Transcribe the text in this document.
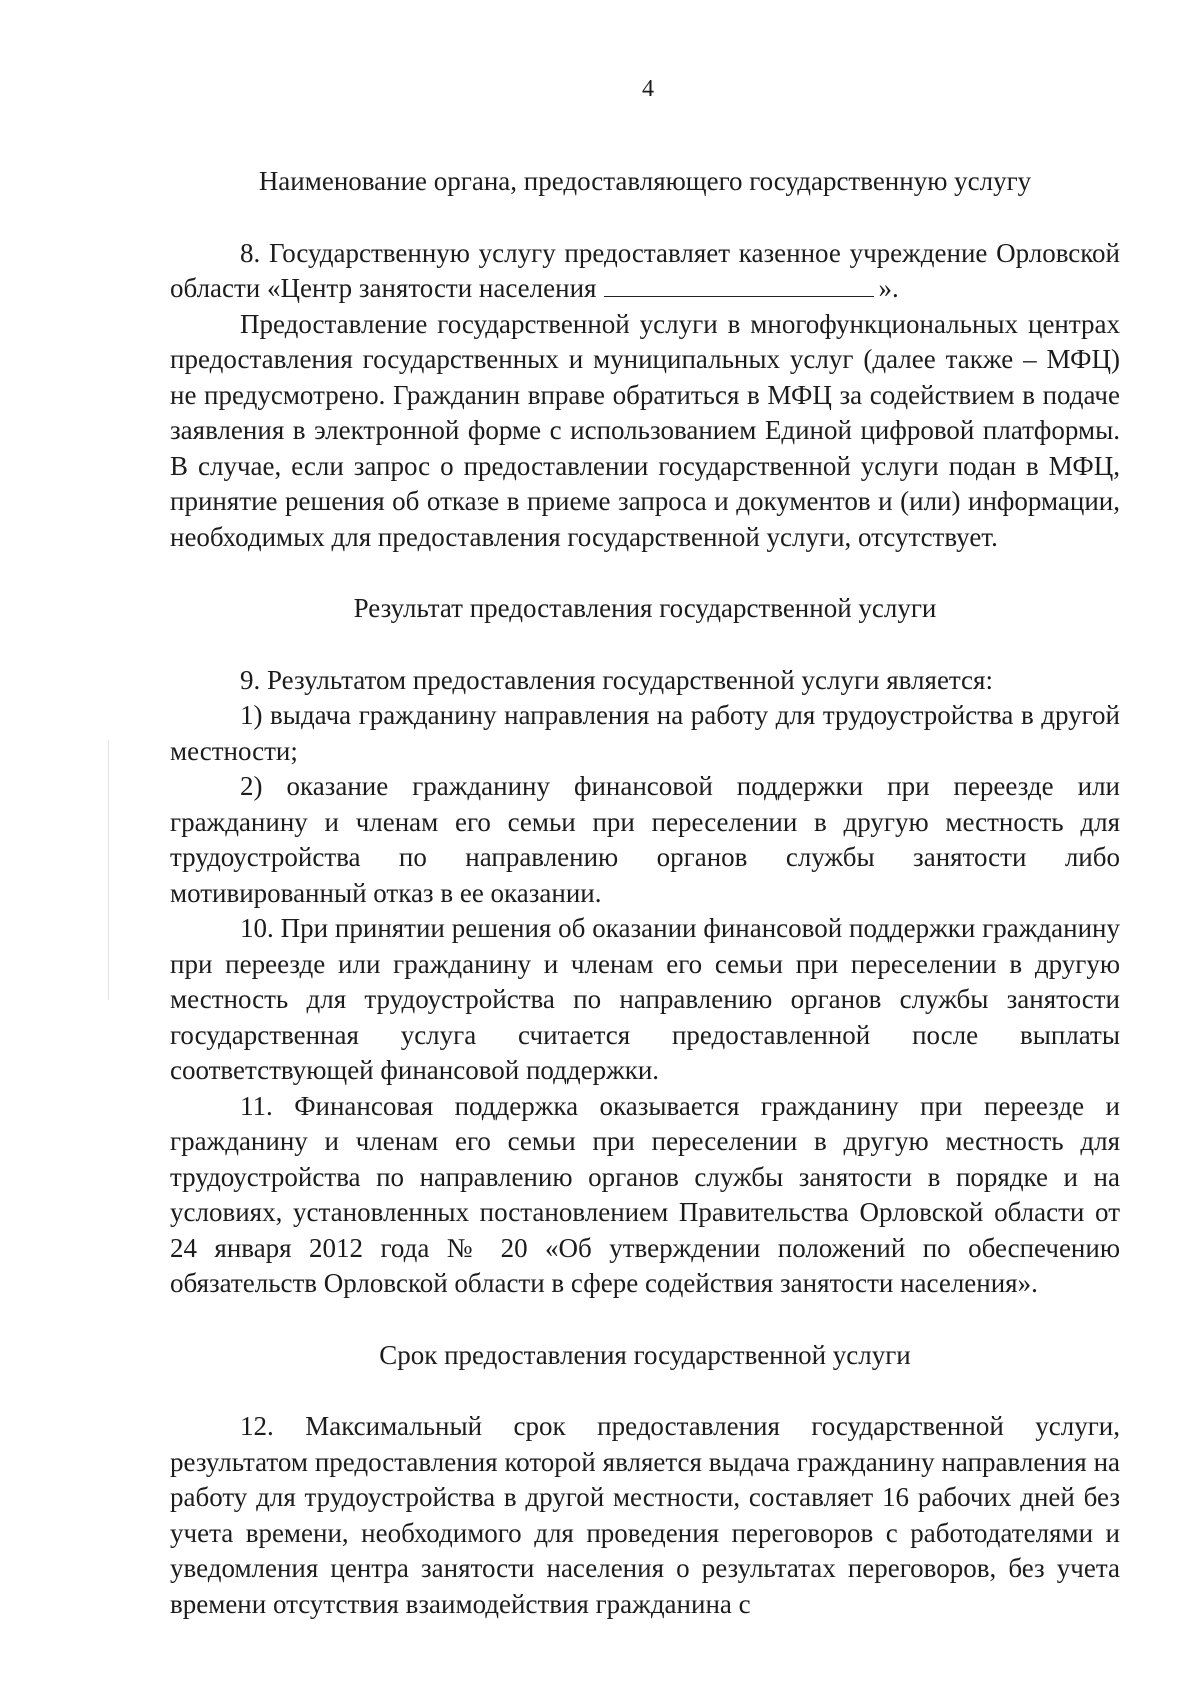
4

Наименование органа, предоставляющего государственную услугу

8. Государственную услугу предоставляет казенное учреждение Орловской области «Центр занятости населения	».

Предоставление государственной услуги в многофункциональных центрах предоставления государственных и муниципальных услуг (далее также – МФЦ) не предусмотрено. Гражданин вправе обратиться в МФЦ за содействием в подаче заявления в электронной форме с использованием Единой цифровой платформы. В случае, если запрос о предоставлении государственной услуги подан в МФЦ, принятие решения об отказе в приеме запроса и документов и (или) информации, необходимых для предоставления государственной услуги, отсутствует.

Результат предоставления государственной услуги

9. Результатом предоставления государственной услуги является:

1) выдача гражданину направления на работу для трудоустройства в другой местности;

2) оказание гражданину финансовой поддержки при переезде или гражданину и членам его семьи при переселении в другую местность для трудоустройства по направлению органов службы занятости либо мотивированный отказ в ее оказании.

10. При принятии решения об оказании финансовой поддержки гражданину при переезде или гражданину и членам его семьи при переселении в другую местность для трудоустройства по направлению органов службы занятости государственная услуга считается предоставленной после выплаты соответствующей финансовой поддержки.

11. Финансовая поддержка оказывается гражданину при переезде и гражданину и членам его семьи при переселении в другую местность для трудоустройства по направлению органов службы занятости в порядке и на условиях, установленных постановлением Правительства Орловской области от 24 января 2012 года № 20 «Об утверждении положений по обеспечению обязательств Орловской области в сфере содействия занятости населения».

Срок предоставления государственной услуги

12. Максимальный срок предоставления государственной услуги, результатом предоставления которой является выдача гражданину направления на работу для трудоустройства в другой местности, составляет 16 рабочих дней без учета времени, необходимого для проведения переговоров с работодателями и уведомления центра занятости населения о результатах переговоров, без учета времени отсутствия взаимодействия гражданина с
